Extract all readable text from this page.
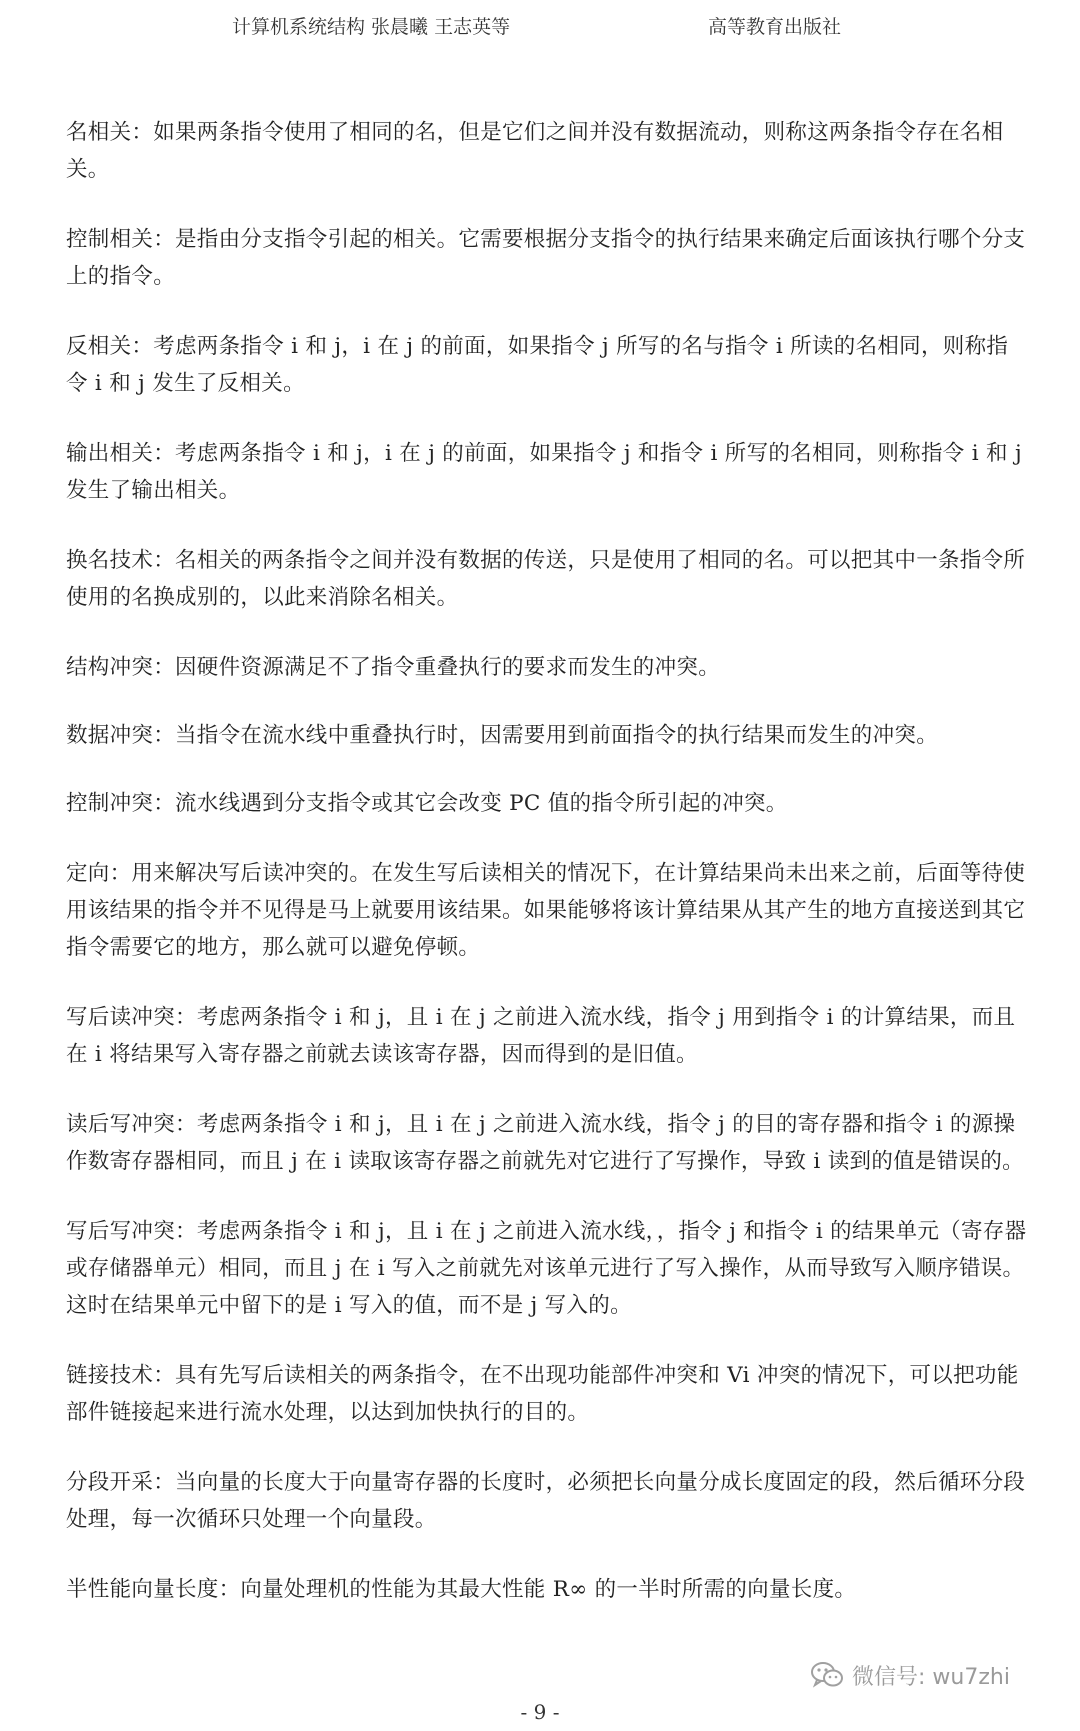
计算机系统结构 张晨曦 王志英等	高等教育出版社

名相关：如果两条指令使用了相同的名，但是它们之间并没有数据流动，则称这两条指令存在名相关。

控制相关：是指由分支指令引起的相关。它需要根据分支指令的执行结果来确定后面该执行哪个分支上的指令。

反相关：考虑两条指令 i 和 j，i 在 j 的前面，如果指令 j 所写的名与指令 i 所读的名相同，则称指令 i 和 j 发生了反相关。

输出相关：考虑两条指令 i 和 j，i 在 j 的前面，如果指令 j 和指令 i 所写的名相同，则称指令 i 和 j 发生了输出相关。

换名技术：名相关的两条指令之间并没有数据的传送，只是使用了相同的名。可以把其中一条指令所使用的名换成别的，以此来消除名相关。

结构冲突：因硬件资源满足不了指令重叠执行的要求而发生的冲突。

数据冲突：当指令在流水线中重叠执行时，因需要用到前面指令的执行结果而发生的冲突。

控制冲突：流水线遇到分支指令或其它会改变 PC 值的指令所引起的冲突。

定向：用来解决写后读冲突的。在发生写后读相关的情况下，在计算结果尚未出来之前，后面等待使用该结果的指令并不见得是马上就要用该结果。如果能够将该计算结果从其产生的地方直接送到其它指令需要它的地方，那么就可以避免停顿。

写后读冲突：考虑两条指令 i 和 j，且 i 在 j 之前进入流水线，指令 j 用到指令 i 的计算结果，而且在 i 将结果写入寄存器之前就去读该寄存器，因而得到的是旧值。

读后写冲突：考虑两条指令 i 和 j，且 i 在 j 之前进入流水线，指令 j 的目的寄存器和指令 i 的源操作数寄存器相同，而且 j 在 i 读取该寄存器之前就先对它进行了写操作，导致 i 读到的值是错误的。

写后写冲突：考虑两条指令 i 和 j，且 i 在 j 之前进入流水线，，指令 j 和指令 i 的结果单元（寄存器或存储器单元）相同，而且 j 在 i 写入之前就先对该单元进行了写入操作，从而导致写入顺序错误。这时在结果单元中留下的是 i 写入的值，而不是 j 写入的。

链接技术：具有先写后读相关的两条指令，在不出现功能部件冲突和 Vi 冲突的情况下，可以把功能部件链接起来进行流水处理，以达到加快执行的目的。

分段开采：当向量的长度大于向量寄存器的长度时，必须把长向量分成长度固定的段，然后循环分段处理，每一次循环只处理一个向量段。

半性能向量长度：向量处理机的性能为其最大性能 R∞ 的一半时所需的向量长度。

微信号: wu7zhi
- 9 -
